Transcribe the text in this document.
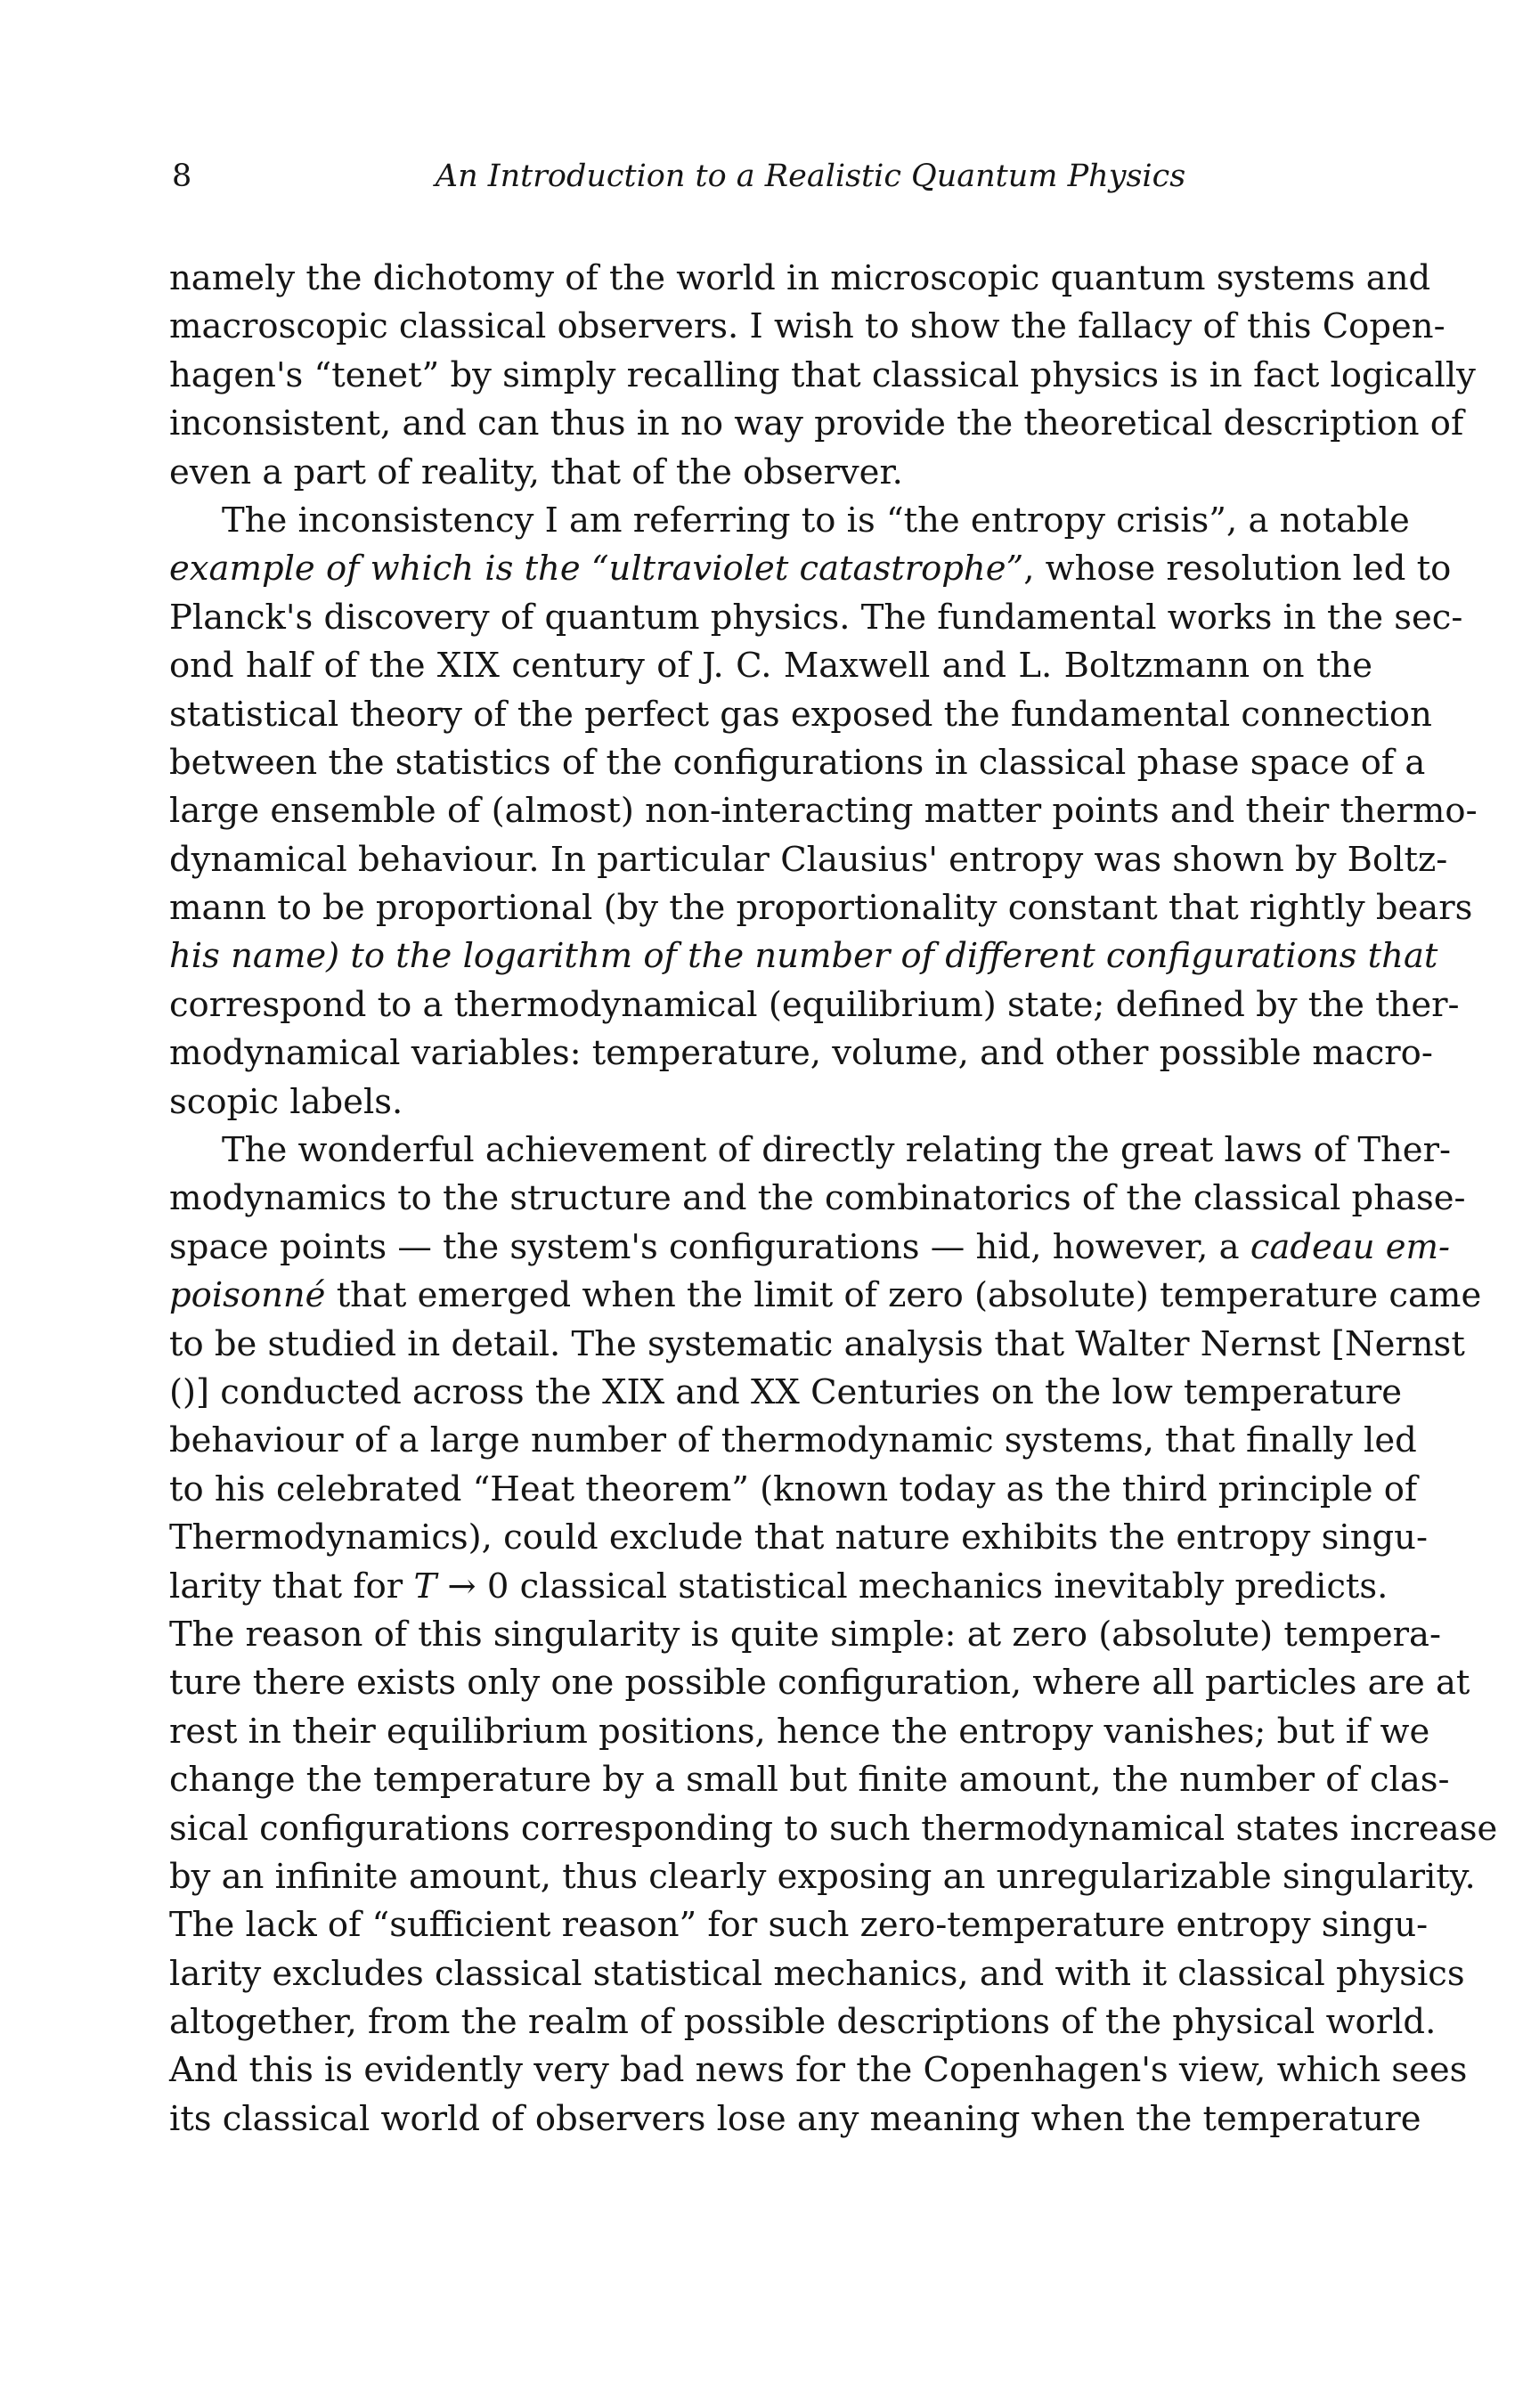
8	An Introduction to a Realistic Quantum Physics
namely the dichotomy of the world in microscopic quantum systems and
macroscopic classical observers. I wish to show the fallacy of this Copen-
hagen's “tenet” by simply recalling that classical physics is in fact logically
inconsistent, and can thus in no way provide the theoretical description of
even a part of reality, that of the observer.
The inconsistency I am referring to is “the entropy crisis”, a notable
example of which is the “ultraviolet catastrophe”, whose resolution led to
Planck's discovery of quantum physics. The fundamental works in the sec-
ond half of the XIX century of J. C. Maxwell and L. Boltzmann on the
statistical theory of the perfect gas exposed the fundamental connection
between the statistics of the configurations in classical phase space of a
large ensemble of (almost) non-interacting matter points and their thermo-
dynamical behaviour. In particular Clausius' entropy was shown by Boltz-
mann to be proportional (by the proportionality constant that rightly bears
his name) to the logarithm of the number of different configurations that
correspond to a thermodynamical (equilibrium) state; defined by the ther-
modynamical variables: temperature, volume, and other possible macro-
scopic labels.
The wonderful achievement of directly relating the great laws of Ther-
modynamics to the structure and the combinatorics of the classical phase-
space points — the system's configurations — hid, however, a cadeau em-
poisonné that emerged when the limit of zero (absolute) temperature came
to be studied in detail. The systematic analysis that Walter Nernst [Nernst
()] conducted across the XIX and XX Centuries on the low temperature
behaviour of a large number of thermodynamic systems, that finally led
to his celebrated “Heat theorem” (known today as the third principle of
Thermodynamics), could exclude that nature exhibits the entropy singu-
larity that for T → 0 classical statistical mechanics inevitably predicts.
The reason of this singularity is quite simple: at zero (absolute) tempera-
ture there exists only one possible configuration, where all particles are at
rest in their equilibrium positions, hence the entropy vanishes; but if we
change the temperature by a small but finite amount, the number of clas-
sical configurations corresponding to such thermodynamical states increase
by an infinite amount, thus clearly exposing an unregularizable singularity.
The lack of “sufficient reason” for such zero-temperature entropy singu-
larity excludes classical statistical mechanics, and with it classical physics
altogether, from the realm of possible descriptions of the physical world.
And this is evidently very bad news for the Copenhagen's view, which sees
its classical world of observers lose any meaning when the temperature
